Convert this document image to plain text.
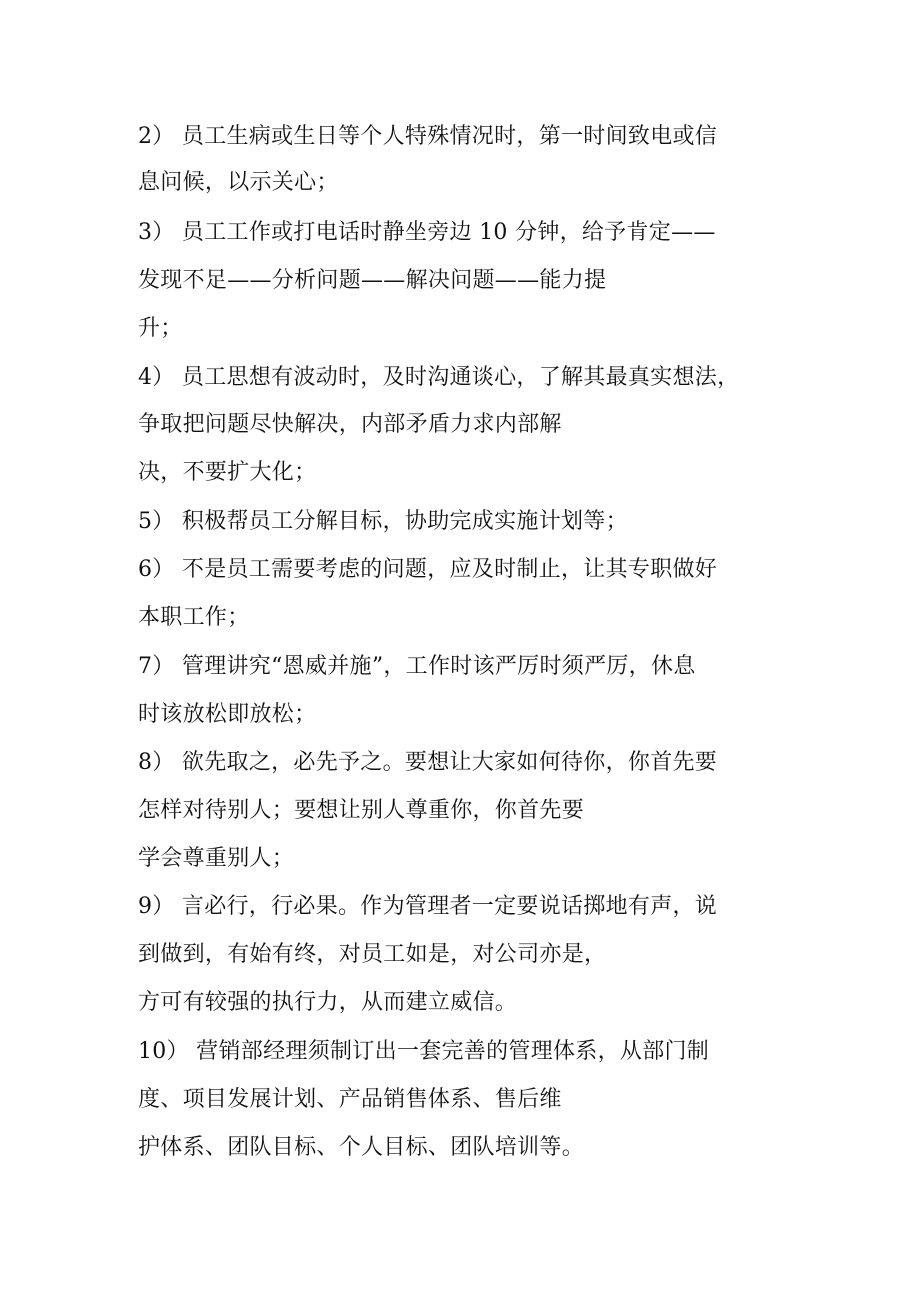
2） 员工生病或生日等个人特殊情况时，第一时间致电或信
息问候，以示关心；
3） 员工工作或打电话时静坐旁边 10 分钟，给予肯定——
发现不足——分析问题——解决问题——能力提
升；
4） 员工思想有波动时，及时沟通谈心，了解其最真实想法，
争取把问题尽快解决，内部矛盾力求内部解
决，不要扩大化；
5） 积极帮员工分解目标，协助完成实施计划等；
6） 不是员工需要考虑的问题，应及时制止，让其专职做好
本职工作；
7） 管理讲究“恩威并施”，工作时该严厉时须严厉，休息
时该放松即放松；
8） 欲先取之，必先予之。要想让大家如何待你，你首先要
怎样对待别人；要想让别人尊重你，你首先要
学会尊重别人；
9） 言必行，行必果。作为管理者一定要说话掷地有声，说
到做到，有始有终，对员工如是，对公司亦是，
方可有较强的执行力，从而建立威信。
10） 营销部经理须制订出一套完善的管理体系，从部门制
度、项目发展计划、产品销售体系、售后维
护体系、团队目标、个人目标、团队培训等。
